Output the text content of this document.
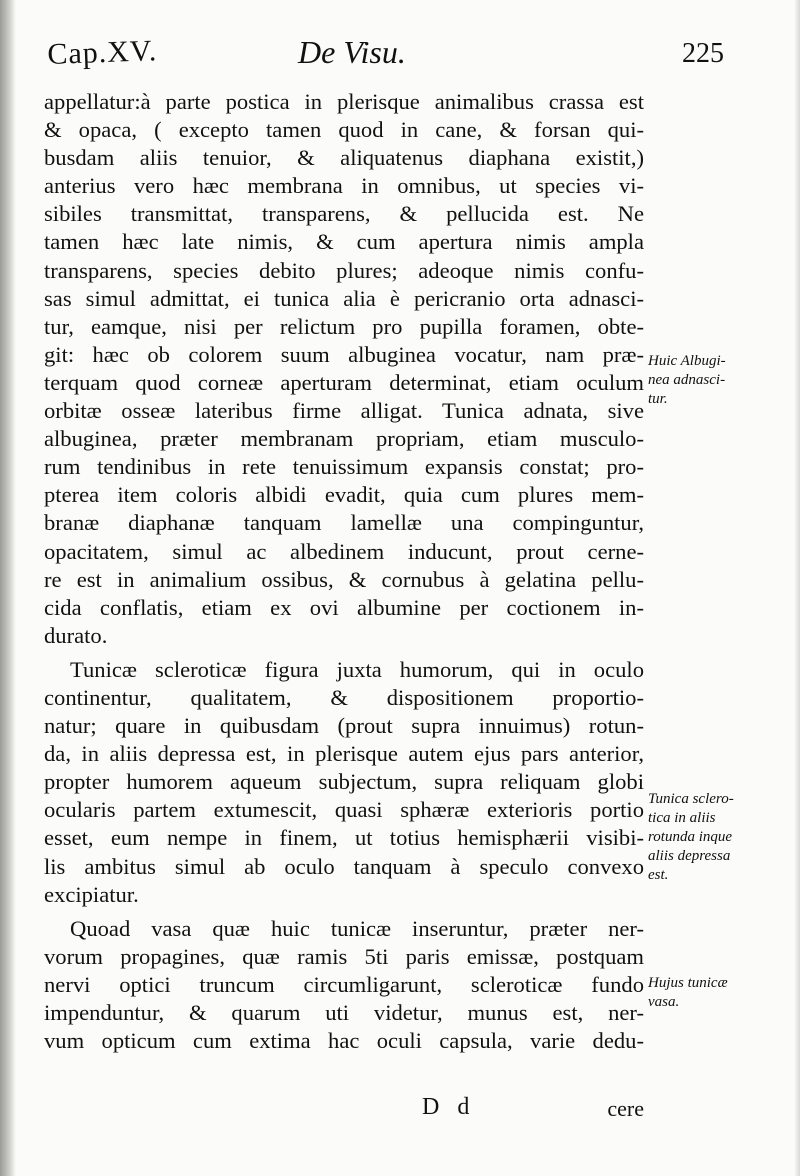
Cap.XV.	De Visu.	225

appellatur:à parte postica in plerisque animalibus crassa est
& opaca, ( excepto tamen quod in cane, & forsan qui-
busdam aliis tenuior, & aliquatenus diaphana existit,)
anterius vero hæc membrana in omnibus, ut species vi-
sibiles transmittat, transparens, & pellucida est. Ne
tamen hæc late nimis, & cum apertura nimis ampla
transparens, species debito plures; adeoque nimis confu-
sas simul admittat, ei tunica alia è pericranio orta adnasci-
tur, eamque, nisi per relictum pro pupilla foramen, obte-
git: hæc ob colorem suum albuginea vocatur, nam præ-
terquam quod corneæ aperturam determinat, etiam oculum
orbitæ osseæ lateribus firme alligat. Tunica adnata, sive
albuginea, præter membranam propriam, etiam musculo-
rum tendinibus in rete tenuissimum expansis constat; pro-
pterea item coloris albidi evadit, quia cum plures mem-
branæ diaphanæ tanquam lamellæ una compinguntur,
opacitatem, simul ac albedinem inducunt, prout cerne-
re est in animalium ossibus, & cornubus à gelatina pellu-
cida conflatis, etiam ex ovi albumine per coctionem in-
durato.

Tunicæ scleroticæ figura juxta humorum, qui in oculo
continentur, qualitatem, & dispositionem proportio-
natur; quare in quibusdam (prout supra innuimus) rotun-
da, in aliis depressa est, in plerisque autem ejus pars anterior,
propter humorem aqueum subjectum, supra reliquam globi
ocularis partem extumescit, quasi sphæræ exterioris portio
esset, eum nempe in finem, ut totius hemisphærii visibi-
lis ambitus simul ab oculo tanquam à speculo convexo
excipiatur.

Quoad vasa quæ huic tunicæ inseruntur, præter ner-
vorum propagines, quæ ramis 5ti paris emissæ, postquam
nervi optici truncum circumligarunt, scleroticæ fundo
impenduntur, & quarum uti videtur, munus est, ner-
vum opticum cum extima hac oculi capsula, varie dedu-

Huic Albugi-
nea adnasci-
tur.
Tunica sclero-
tica in aliis
rotunda inque
aliis depressa
est.
Hujus tunicæ
vasa.
D d	cere
